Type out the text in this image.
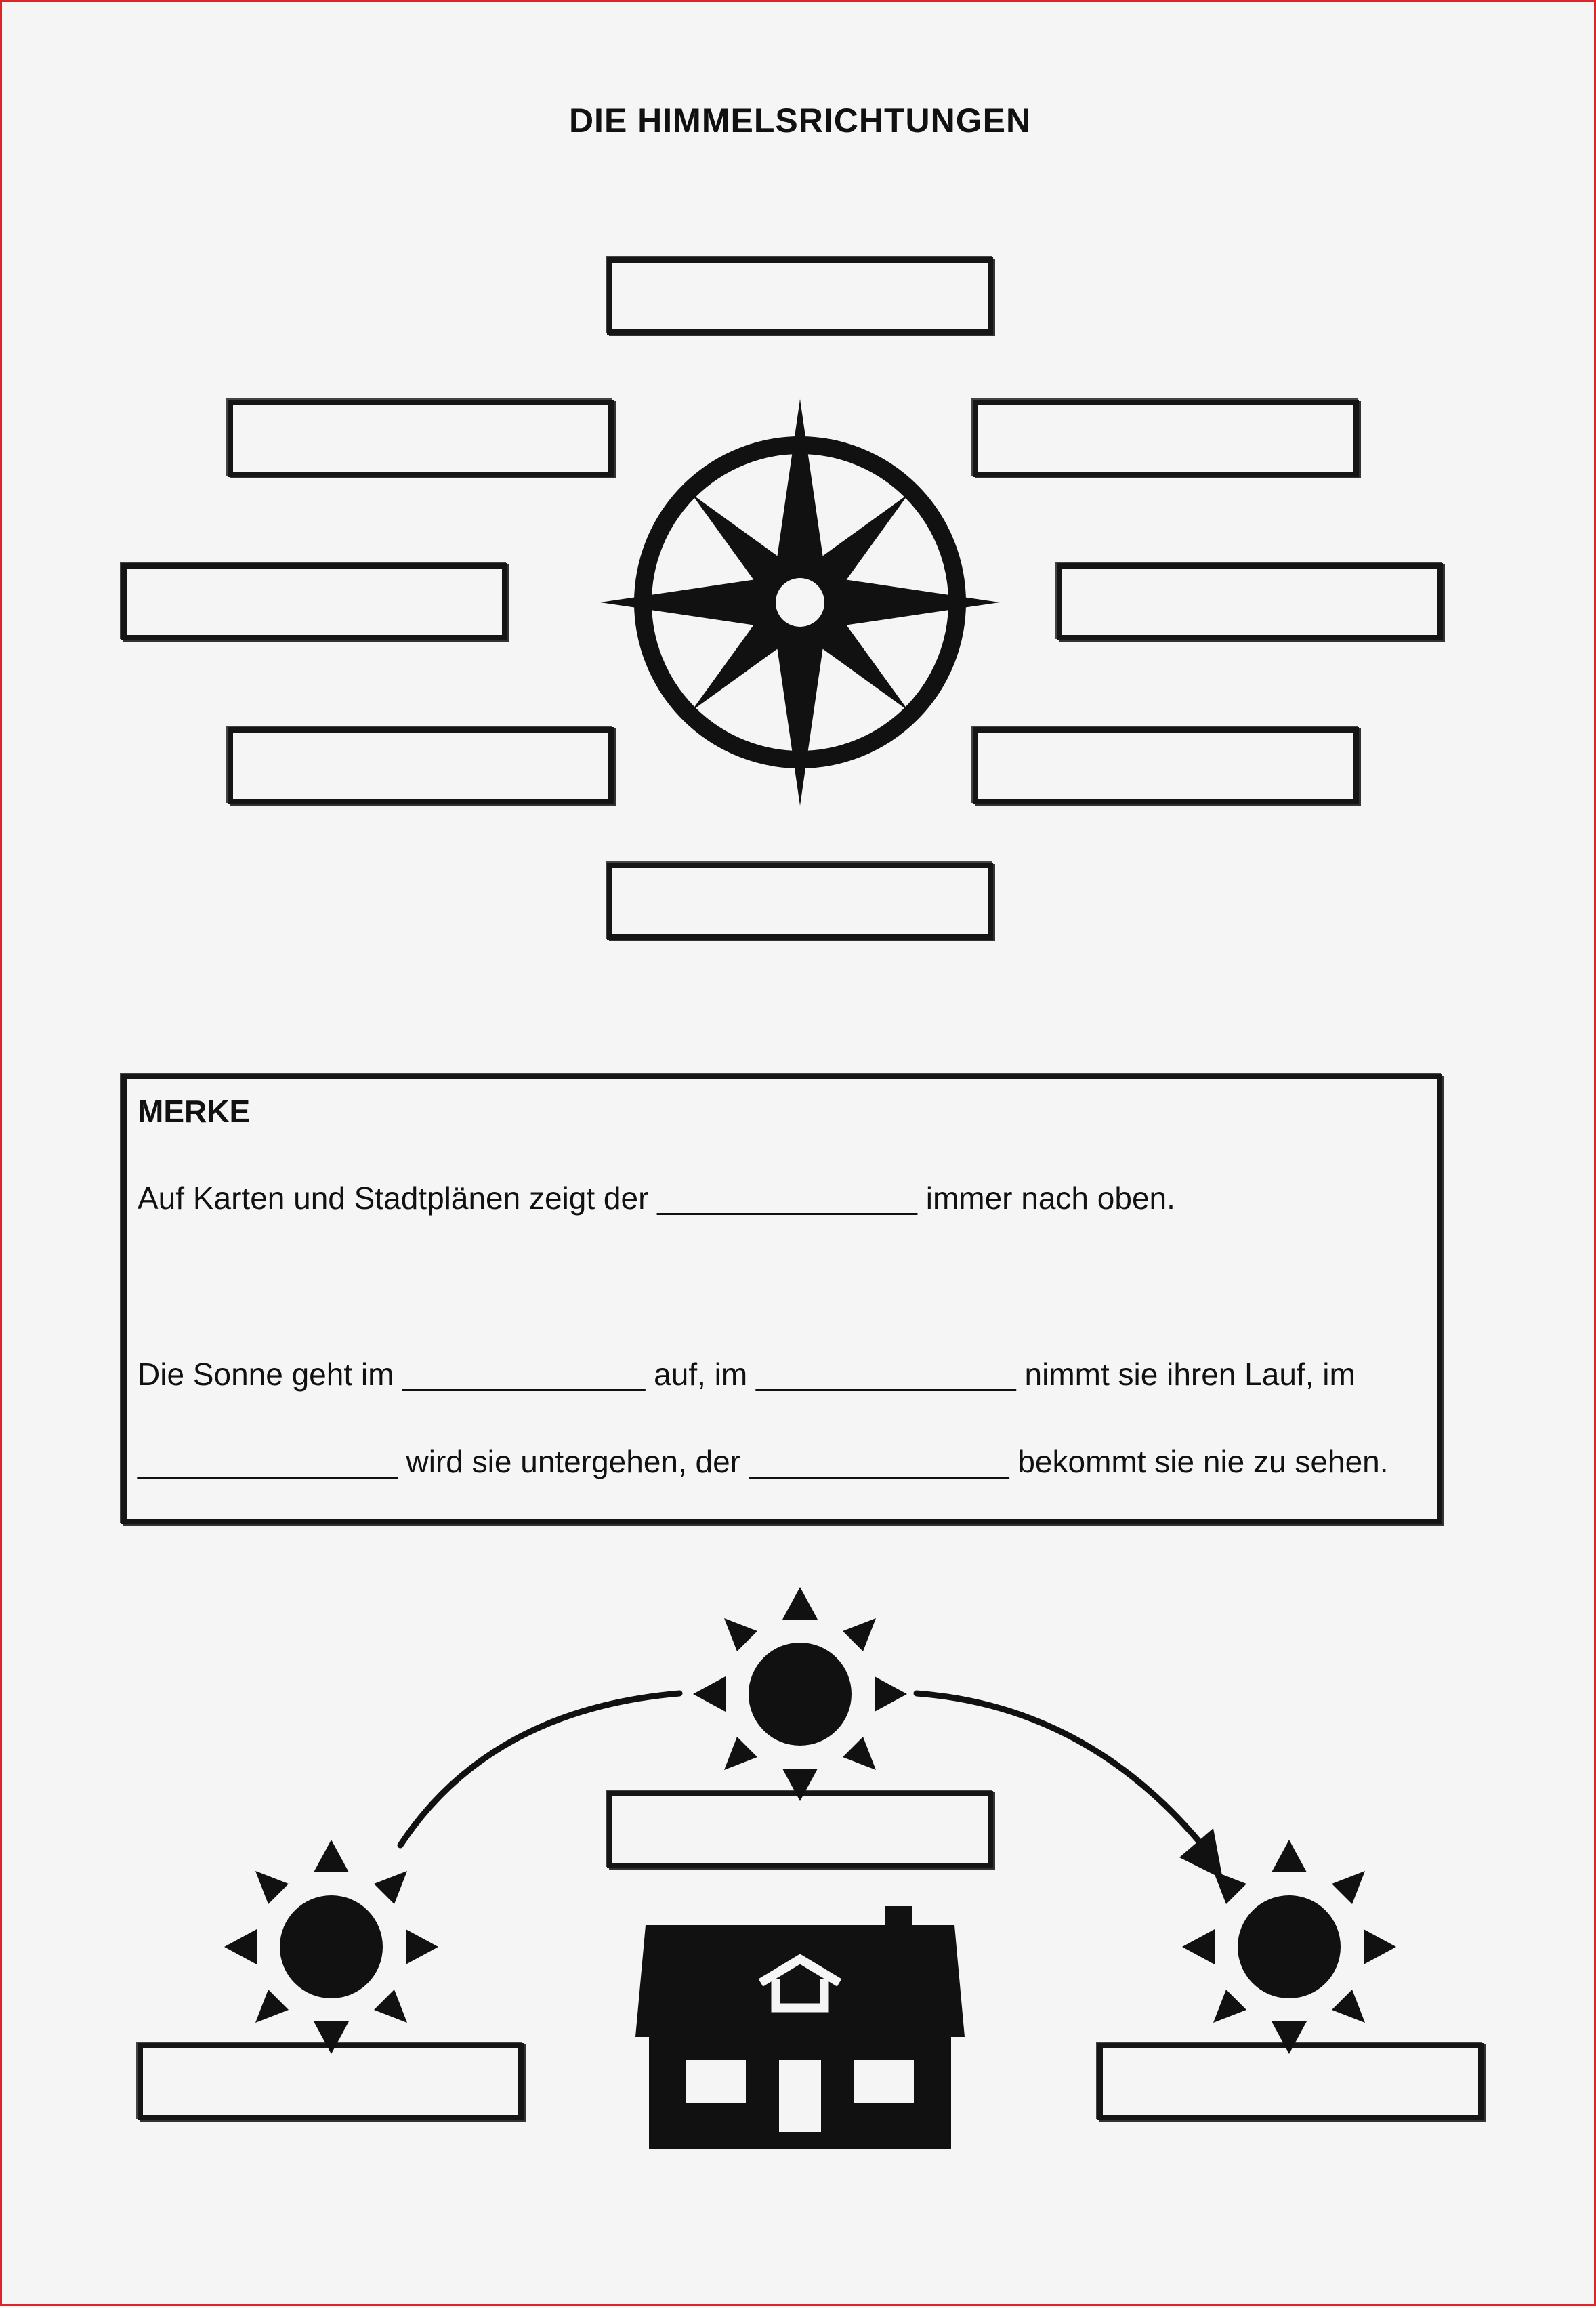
DIE HIMMELSRICHTUNGEN
MERKE
Auf Karten und Stadtplänen zeigt der _______________ immer nach oben.
Die Sonne geht im ______________ auf, im _______________ nimmt sie ihren Lauf, im
_______________ wird sie untergehen, der _______________ bekommt sie nie zu sehen.
